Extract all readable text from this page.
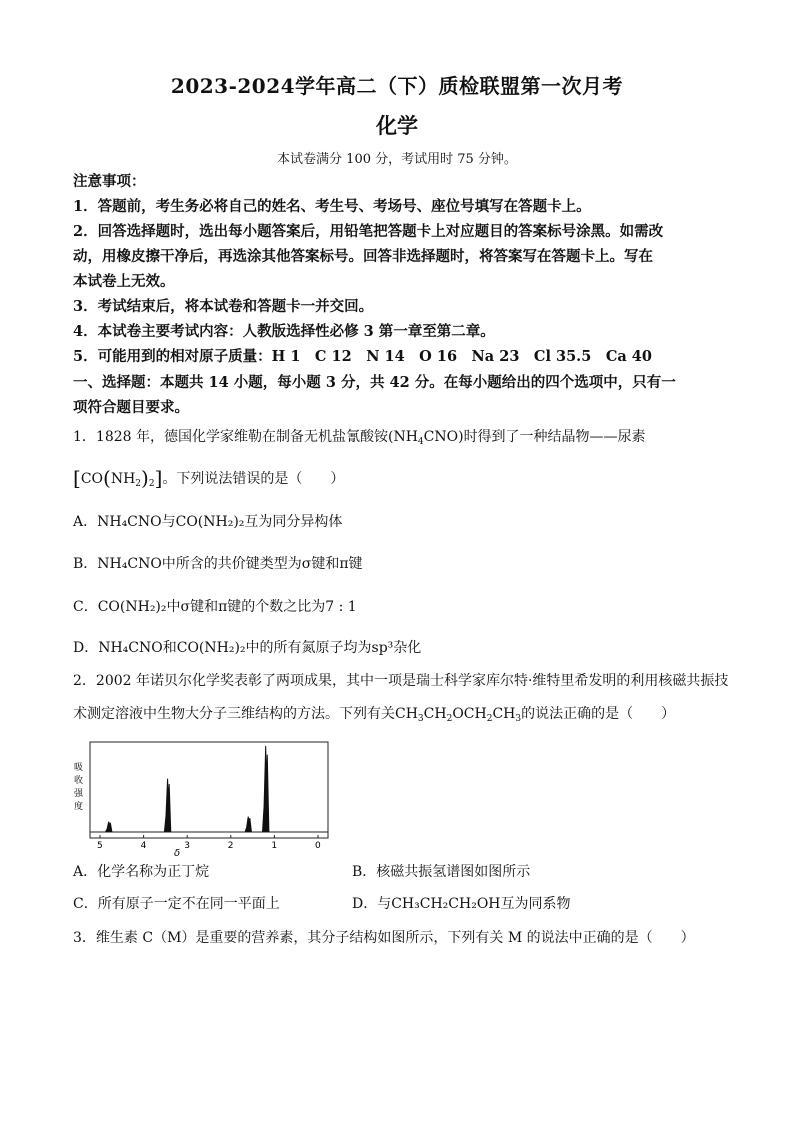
2023-2024学年高二（下）质检联盟第一次月考
化学
本试卷满分 100 分，考试用时 75 分钟。
注意事项：
1．答题前，考生务必将自己的姓名、考生号、考场号、座位号填写在答题卡上。
2．回答选择题时，选出每小题答案后，用铅笔把答题卡上对应题目的答案标号涂黑。如需改
动，用橡皮擦干净后，再选涂其他答案标号。回答非选择题时，将答案写在答题卡上。写在
本试卷上无效。
3．考试结束后，将本试卷和答题卡一并交回。
4．本试卷主要考试内容：人教版选择性必修 3 第一章至第二章。
5．可能用到的相对原子质量：H 1　C 12　N 14　O 16　Na 23　Cl 35.5　Ca 40
一、选择题：本题共 14 小题，每小题 3 分，共 42 分。在每小题给出的四个选项中，只有一
项符合题目要求。
1．1828 年，德国化学家维勒在制备无机盐氰酸铵$(NH_4CNO)$时得到了一种结晶物——尿素
$[CO(NH_2)_2]$。下列说法错误的是（　　）
A．NH₄CNO与CO(NH₂)₂互为同分异构体
B．NH₄CNO中所含的共价键类型为σ键和π键
C．CO(NH₂)₂中σ键和π键的个数之比为7 : 1
D．NH₄CNO和CO(NH₂)₂中的所有氮原子均为sp³杂化
2．2002 年诺贝尔化学奖表彰了两项成果，其中一项是瑞士科学家库尔特·维特里希发明的利用核磁共振技
术测定溶液中生物大分子三维结构的方法。下列有关$CH_3CH_2OCH_2CH_3$的说法正确的是（　　）
吸
收
强
度
5	4	3	2	1	0
δ
A．化学名称为正丁烷	B．核磁共振氢谱图如图所示
C．所有原子一定不在同一平面上	D．与CH₃CH₂CH₂OH互为同系物
3．维生素 C（M）是重要的营养素，其分子结构如图所示，下列有关 M 的说法中正确的是（　　）
